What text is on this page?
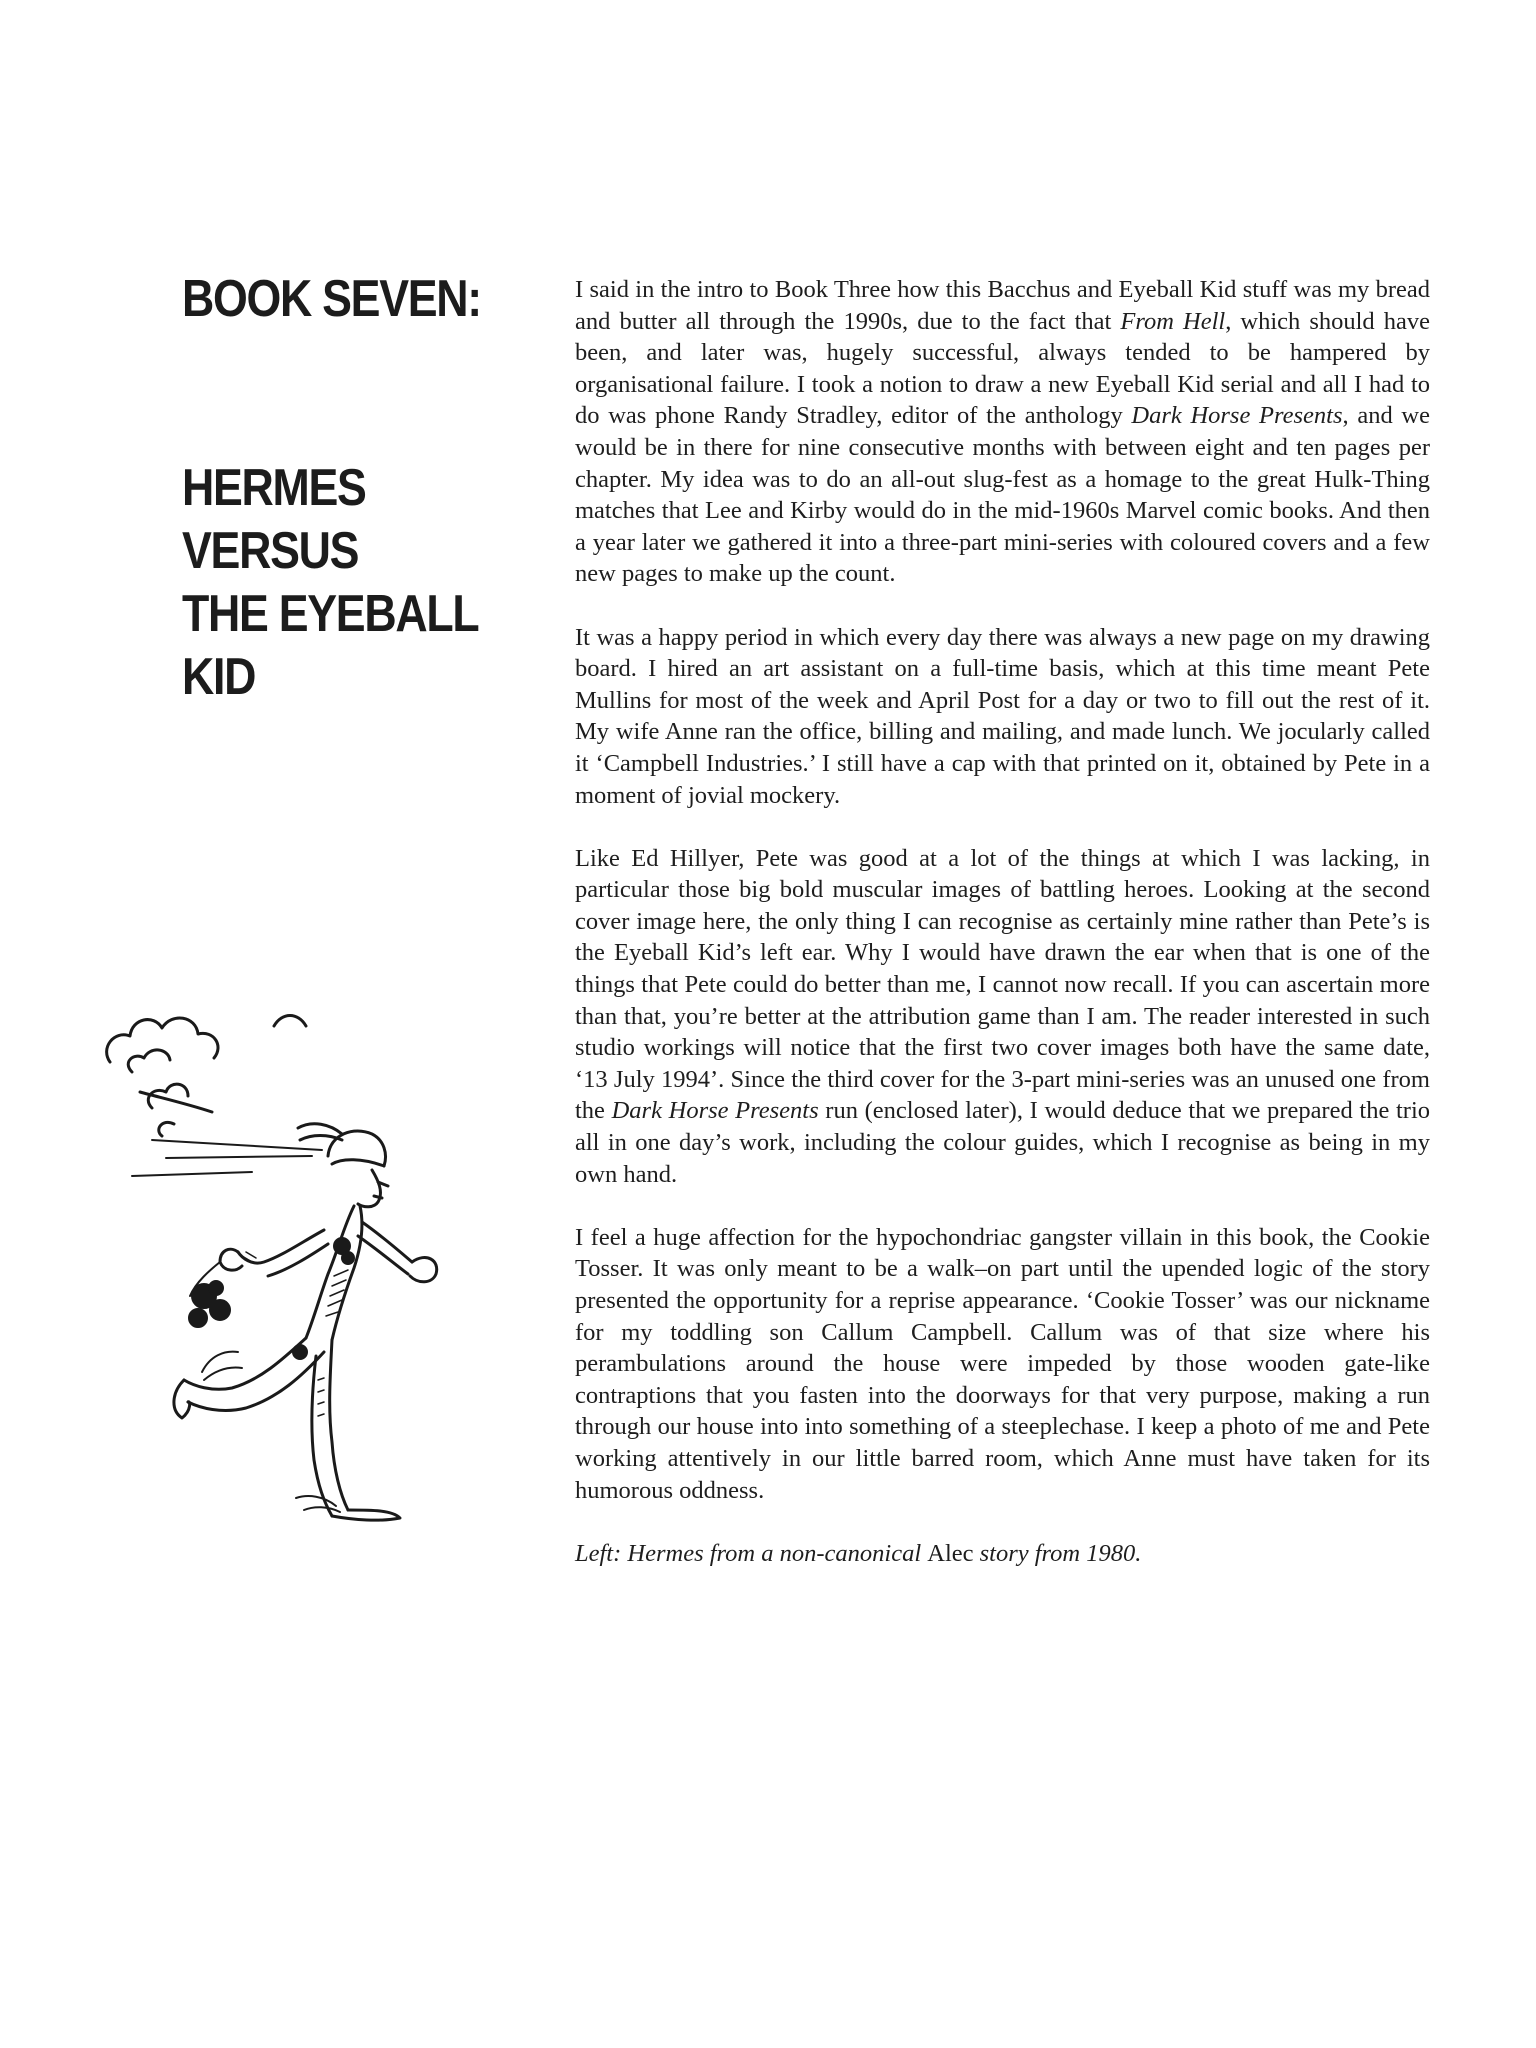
BOOK SEVEN:
HERMES
VERSUS
THE EYEBALL
KID

I said in the intro to Book Three how this Bacchus and Eyeball Kid stuff was my bread and butter all through the 1990s, due to the fact that From Hell, which should have been, and later was, hugely successful, always tended to be hampered by organisational failure. I took a notion to draw a new Eyeball Kid serial and all I had to do was phone Randy Stradley, editor of the anthology Dark Horse Presents, and we would be in there for nine consecutive months with between eight and ten pages per chapter. My idea was to do an all-out slug-fest as a homage to the great Hulk-Thing matches that Lee and Kirby would do in the mid-1960s Marvel comic books. And then a year later we gathered it into a three-part mini-series with coloured covers and a few new pages to make up the count.

It was a happy period in which every day there was always a new page on my drawing board. I hired an art assistant on a full-time basis, which at this time meant Pete Mullins for most of the week and April Post for a day or two to fill out the rest of it. My wife Anne ran the office, billing and mailing, and made lunch. We jocularly called it ‘Campbell Industries.’ I still have a cap with that printed on it, obtained by Pete in a moment of jovial mockery.

Like Ed Hillyer, Pete was good at a lot of the things at which I was lacking, in particular those big bold muscular images of battling heroes. Looking at the second cover image here, the only thing I can recognise as certainly mine rather than Pete’s is the Eyeball Kid’s left ear. Why I would have drawn the ear when that is one of the things that Pete could do better than me, I cannot now recall. If you can ascertain more than that, you’re better at the attribution game than I am. The reader interested in such studio workings will notice that the first two cover images both have the same date, ‘13 July 1994’. Since the third cover for the 3-part mini-series was an unused one from the Dark Horse Presents run (enclosed later), I would deduce that we prepared the trio all in one day’s work, including the colour guides, which I recognise as being in my own hand.

I feel a huge affection for the hypochondriac gangster villain in this book, the Cookie Tosser. It was only meant to be a walk–on part until the upended logic of the story presented the opportunity for a reprise appearance. ‘Cookie Tosser’ was our nickname for my toddling son Callum Campbell. Callum was of that size where his perambulations around the house were impeded by those wooden gate-like contraptions that you fasten into the doorways for that very purpose, making a run through our house into into something of a steeplechase. I keep a photo of me and Pete working attentively in our little barred room, which Anne must have taken for its humorous oddness.

Left: Hermes from a non-canonical Alec story from 1980.
